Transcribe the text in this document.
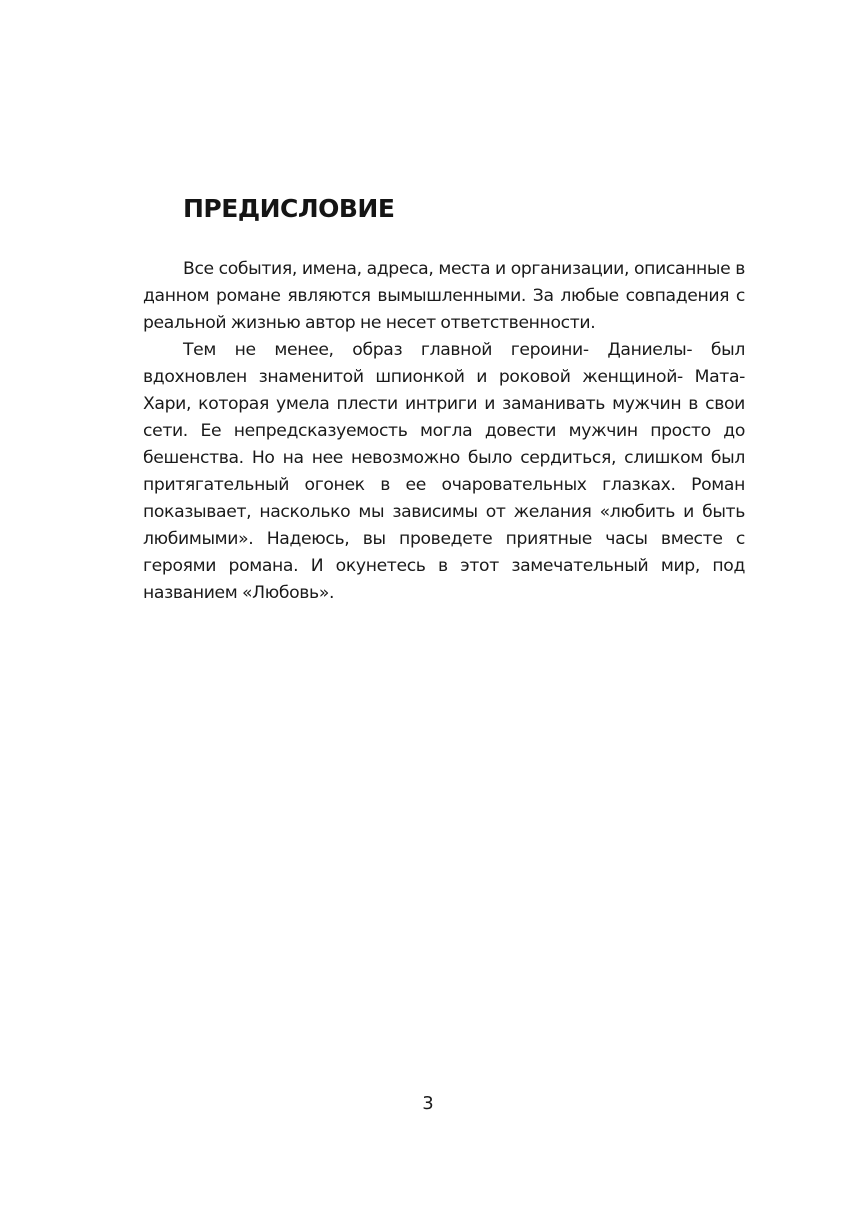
ПРЕДИСЛОВИЕ

Все события, имена, адреса, места и организации, описанные в данном романе являются вымышленными. За любые совпадения с реальной жизнью автор не несет ответственности.

Тем не менее, образ главной героини- Даниелы- был вдохновлен знаменитой шпионкой и роковой женщиной- Мата-Хари, которая умела плести интриги и заманивать мужчин в свои сети. Ее непредсказуемость могла довести мужчин просто до бешенства. Но на нее невозможно было сердиться, слишком был притягательный огонек в ее очаровательных глазках. Роман показывает, насколько мы зависимы от желания «любить и быть любимыми». Надеюсь, вы проведете приятные часы вместе с героями романа. И окунетесь в этот замечательный мир, под названием «Любовь».

3
